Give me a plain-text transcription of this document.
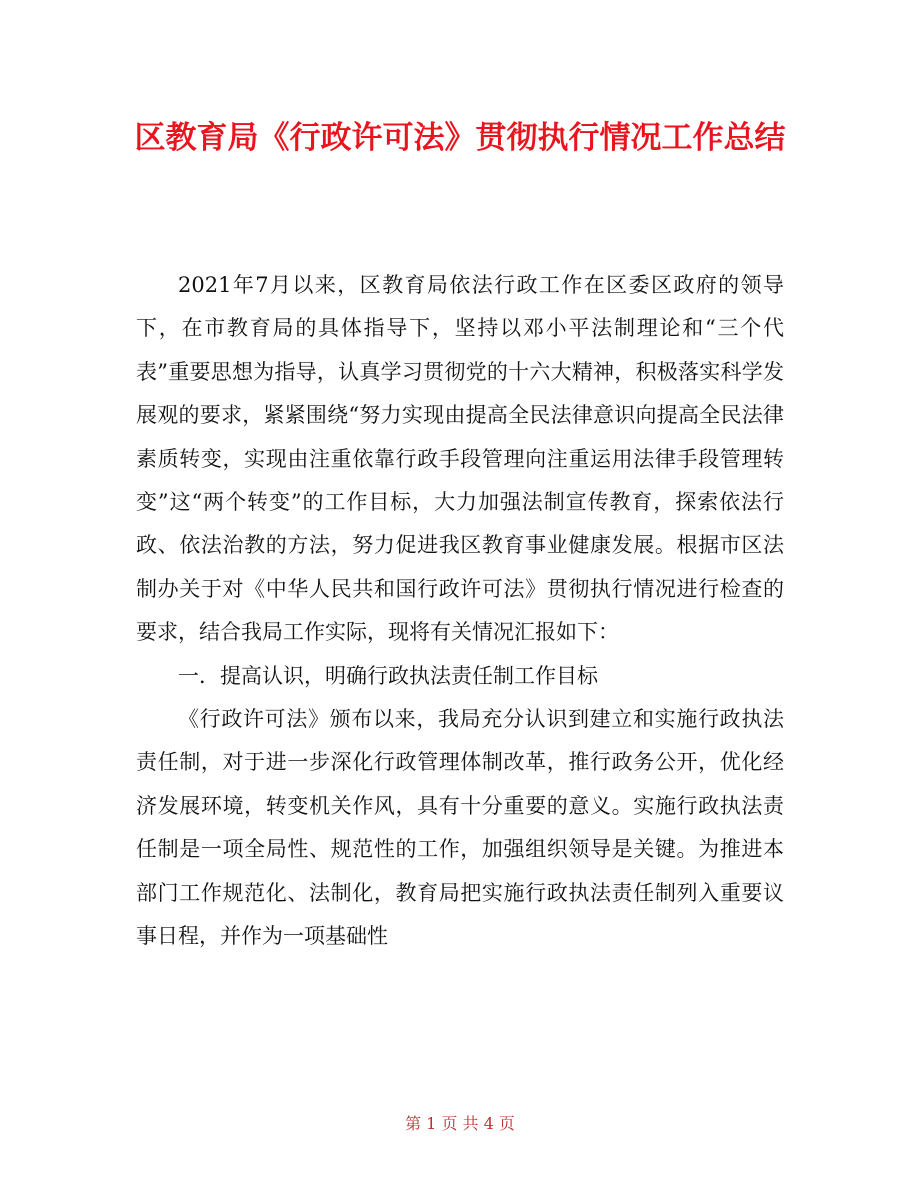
区教育局《行政许可法》贯彻执行情况工作总结

2021年7月以来，区教育局依法行政工作在区委区政府的领导下，在市教育局的具体指导下，坚持以邓小平法制理论和“三个代表”重要思想为指导，认真学习贯彻党的十六大精神，积极落实科学发展观的要求，紧紧围绕“努力实现由提高全民法律意识向提高全民法律素质转变，实现由注重依靠行政手段管理向注重运用法律手段管理转变”这“两个转变”的工作目标，大力加强法制宣传教育，探索依法行政、依法治教的方法，努力促进我区教育事业健康发展。根据市区法制办关于对《中华人民共和国行政许可法》贯彻执行情况进行检查的要求，结合我局工作实际，现将有关情况汇报如下：

一．提高认识，明确行政执法责任制工作目标

《行政许可法》颁布以来，我局充分认识到建立和实施行政执法责任制，对于进一步深化行政管理体制改革，推行政务公开，优化经济发展环境，转变机关作风，具有十分重要的意义。实施行政执法责任制是一项全局性、规范性的工作，加强组织领导是关键。为推进本部门工作规范化、法制化，教育局把实施行政执法责任制列入重要议事日程，并作为一项基础性

第 1 页 共 4 页
